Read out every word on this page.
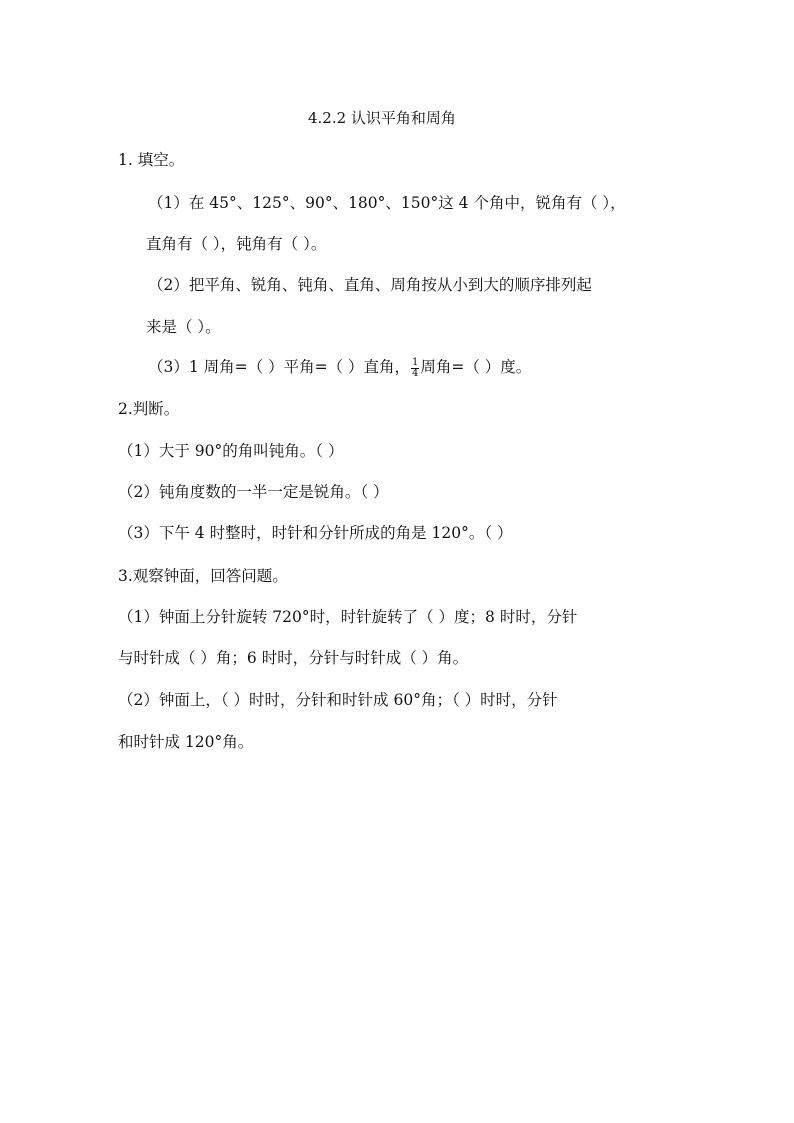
4.2.2 认识平角和周角
1. 填空。
（1）在 45°、125°、90°、180°、150°这 4 个角中，锐角有（ ），
直角有（ ），钝角有（ ）。
（2）把平角、锐角、钝角、直角、周角按从小到大的顺序排列起
来是（ ）。
（3）1 周角=（ ）平角=（ ）直角， $\frac{1}{4}$ 周角=（ ）度。
2.判断。
（1）大于 90°的角叫钝角。（ ）
（2）钝角度数的一半一定是锐角。（ ）
（3）下午 4 时整时，时针和分针所成的角是 120°。（ ）
3.观察钟面，回答问题。
（1）钟面上分针旋转 720°时，时针旋转了（ ）度；8 时时，分针
与时针成（ ）角；6 时时，分针与时针成（ ）角。
（2）钟面上，（ ）时时，分针和时针成 60°角；（ ）时时，分针
和时针成 120°角。
